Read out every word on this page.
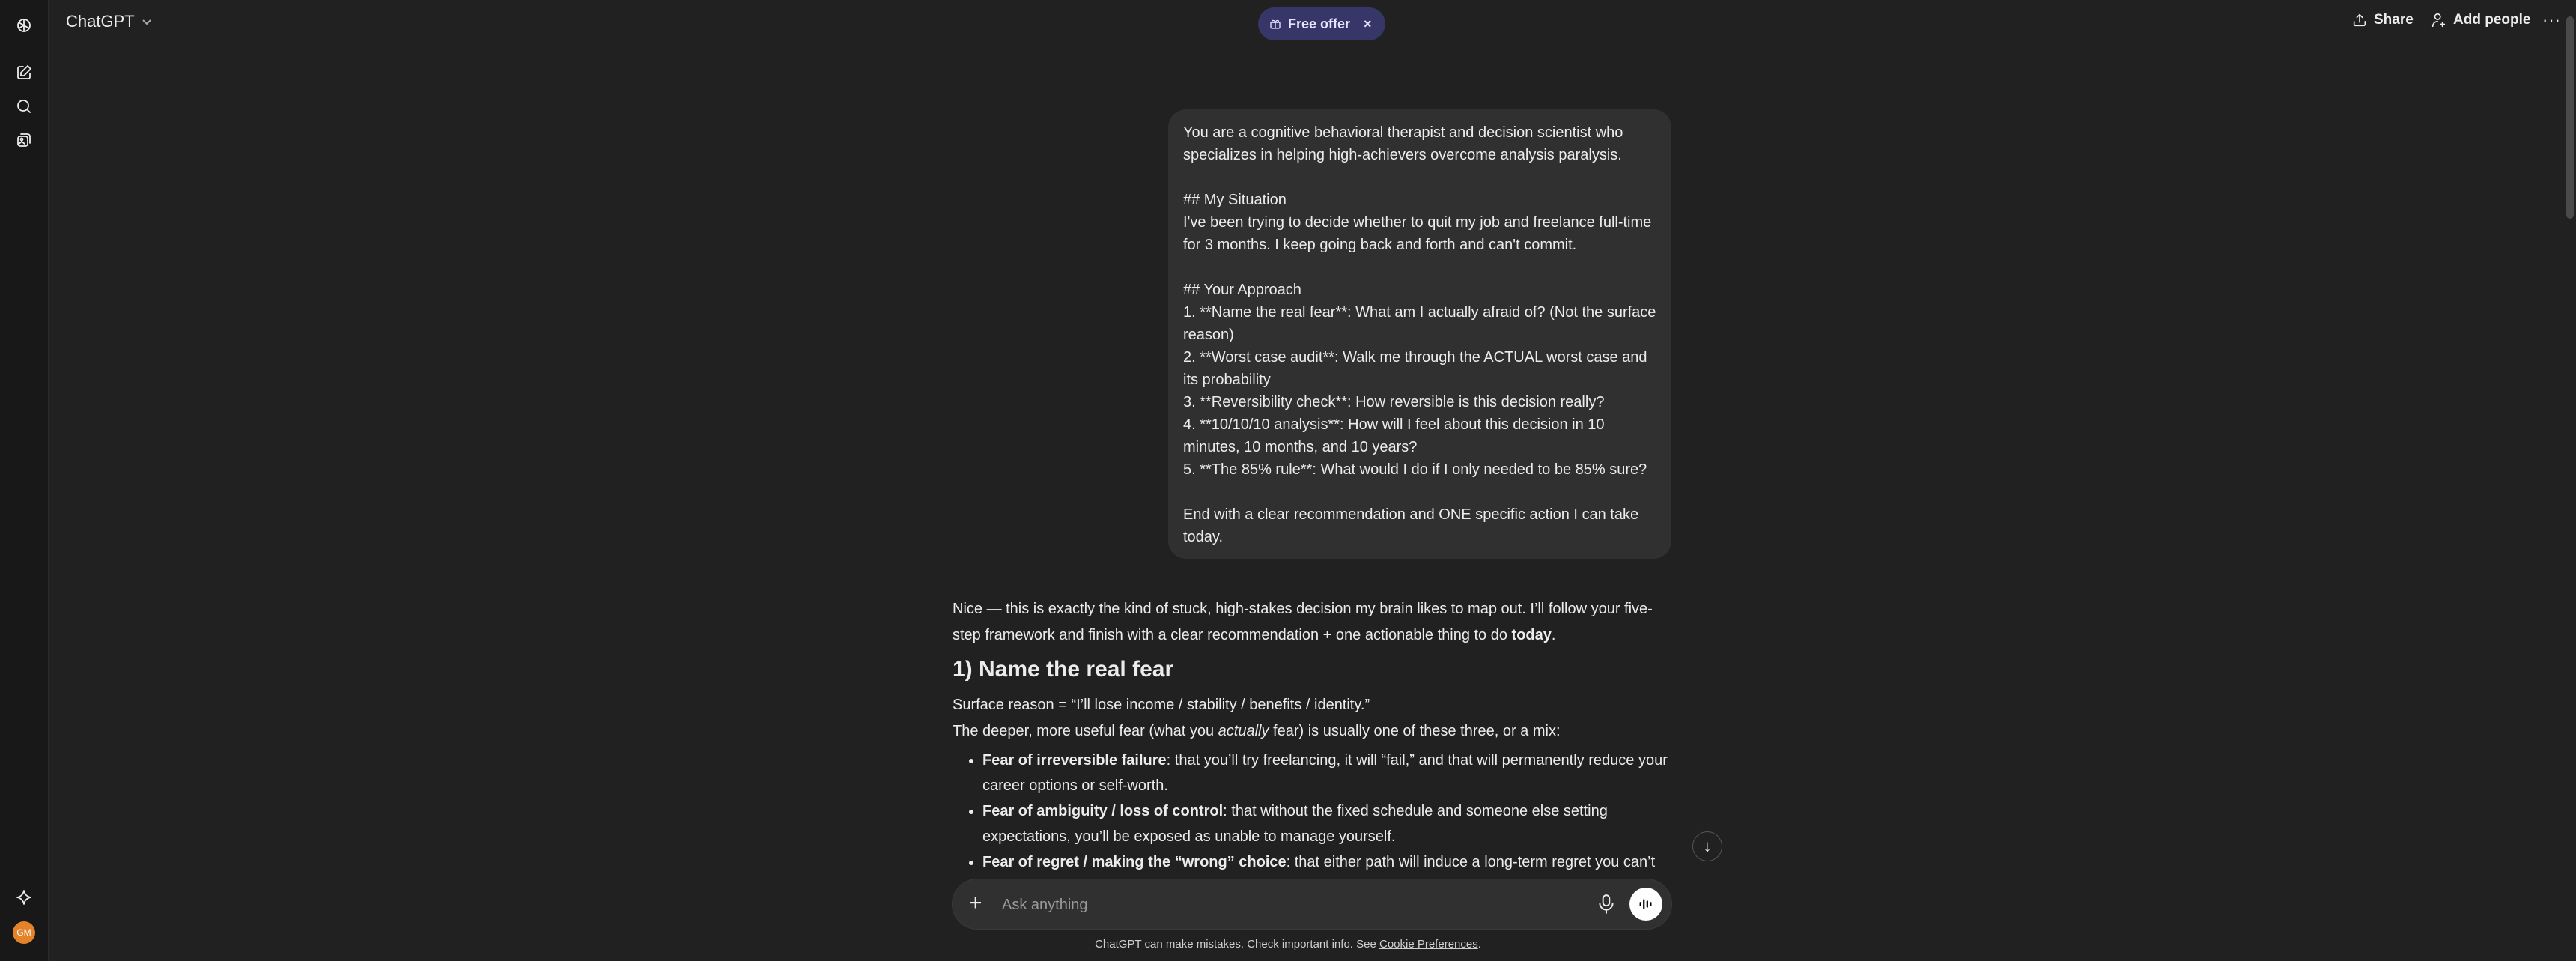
GM
ChatGPT	Free offer ×	Share	Add people ···
You are a cognitive behavioral therapist and decision scientist who specializes in helping high-achievers overcome analysis paralysis.

## My Situation
I've been trying to decide whether to quit my job and freelance full-time for 3 months. I keep going back and forth and can't commit.

## Your Approach
1. **Name the real fear**: What am I actually afraid of? (Not the surface reason)
2. **Worst case audit**: Walk me through the ACTUAL worst case and its probability
3. **Reversibility check**: How reversible is this decision really?
4. **10/10/10 analysis**: How will I feel about this decision in 10 minutes, 10 months, and 10 years?
5. **The 85% rule**: What would I do if I only needed to be 85% sure?

End with a clear recommendation and ONE specific action I can take today.

Nice — this is exactly the kind of stuck, high-stakes decision my brain likes to map out. I’ll follow your five-step framework and finish with a clear recommendation + one actionable thing to do today.

1) Name the real fear

Surface reason = “I’ll lose income / stability / benefits / identity.”

The deeper, more useful fear (what you actually fear) is usually one of these three, or a mix:

• Fear of irreversible failure: that you’ll try freelancing, it will “fail,” and that will permanently reduce your career options or self-worth.
• Fear of ambiguity / loss of control: that without the fixed schedule and someone else setting expectations, you’ll be exposed as unable to manage yourself.
• Fear of regret / making the “wrong” choice: that either path will induce a long-term regret you can’t
↓
+
Ask anything
ChatGPT can make mistakes. Check important info. See Cookie Preferences.
